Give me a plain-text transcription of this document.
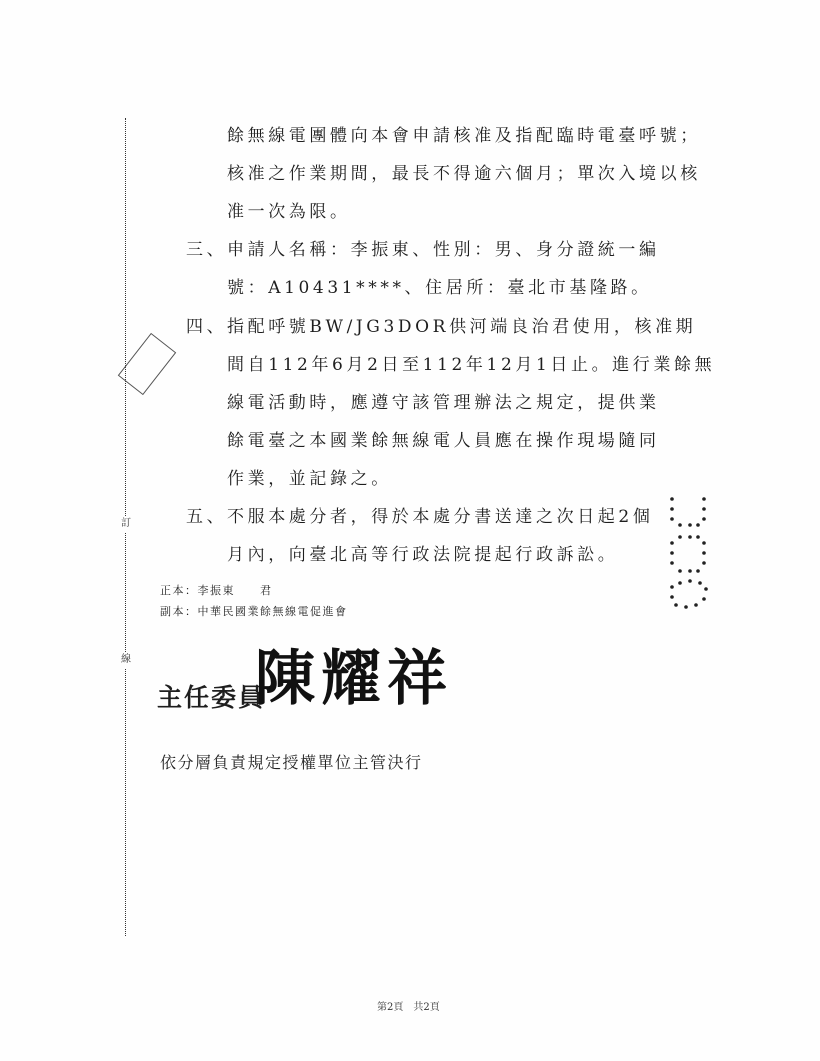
訂
線
餘無線電團體向本會申請核准及指配臨時電臺呼號；
核准之作業期間，最長不得逾六個月；單次入境以核
准一次為限。
三、 申請人名稱：李振東、性別：男、身分證統一編
號：A10431****、住居所：臺北市基隆路。
四、 指配呼號BW/JG3DOR供河端良治君使用，核准期
間自112年6月2日至112年12月1日止。進行業餘無
線電活動時，應遵守該管理辦法之規定，提供業
餘電臺之本國業餘無線電人員應在操作現場隨同
作業，並記錄之。
五、 不服本處分者，得於本處分書送達之次日起2個
月內，向臺北高等行政法院提起行政訴訟。
正本：李振東　　君
副本：中華民國業餘無線電促進會
主任委員
陳耀祥
依分層負責規定授權單位主管決行
第2頁　共2頁
